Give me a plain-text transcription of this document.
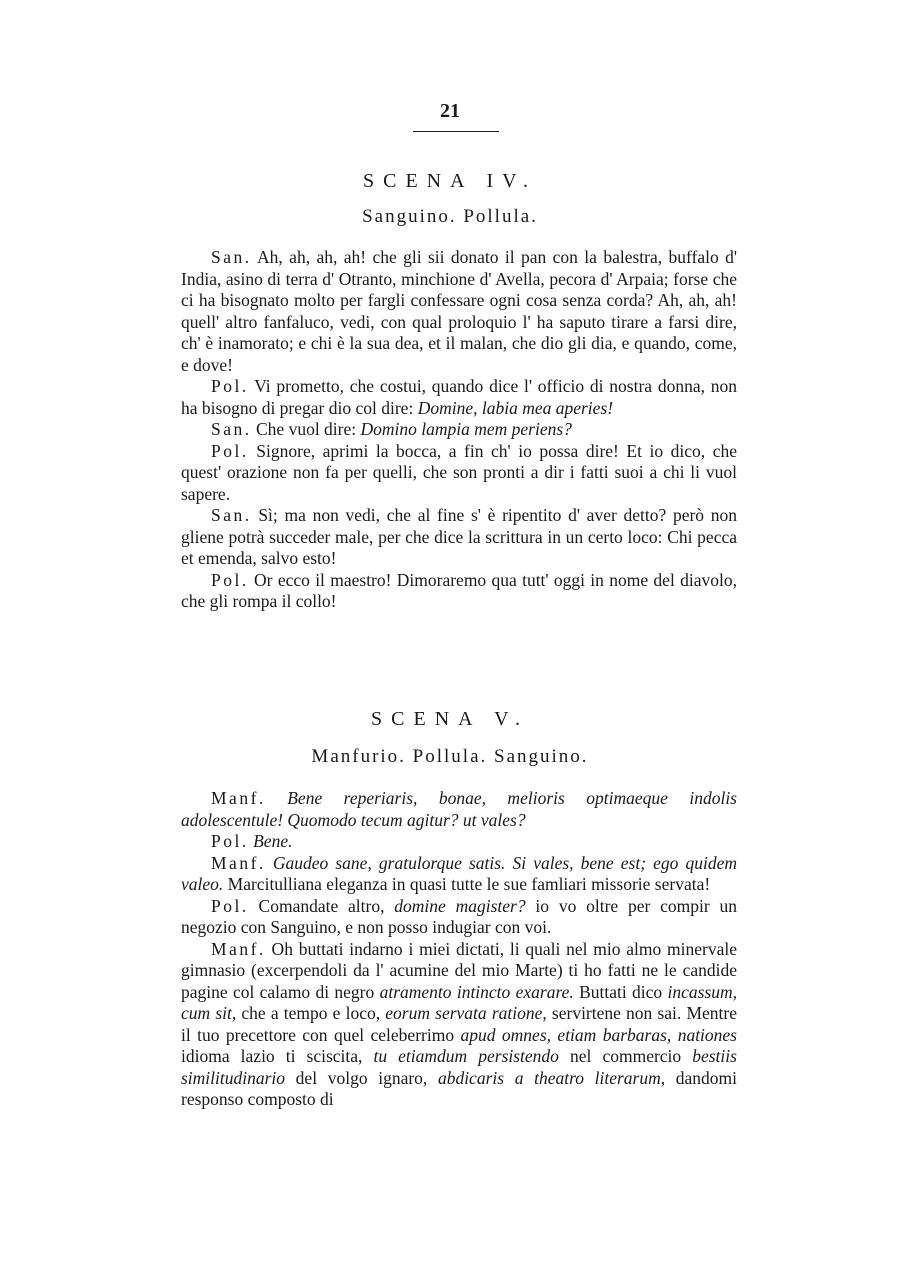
21
SCENA IV.
Sanguino. Pollula.

San. Ah, ah, ah, ah! che gli sii donato il pan con la balestra, buffalo d' India, asino di terra d' Otranto, minchione d' Avella, pecora d' Arpaia; forse che ci ha bisognato molto per fargli confessare ogni cosa senza corda? Ah, ah, ah! quell' altro fanfaluco, vedi, con qual proloquio l' ha saputo tirare a farsi dire, ch' è inamorato; e chi è la sua dea, et il malan, che dio gli dia, e quando, come, e dove!

Pol. Vi prometto, che costui, quando dice l' officio di nostra donna, non ha bisogno di pregar dio col dire: Domine, labia mea aperies!

San. Che vuol dire: Domino lampia mem periens?

Pol. Signore, aprimi la bocca, a fin ch' io possa dire! Et io dico, che quest' orazione non fa per quelli, che son pronti a dir i fatti suoi a chi li vuol sapere.

San. Sì; ma non vedi, che al fine s' è ripentito d' aver detto? però non gliene potrà succeder male, per che dice la scrittura in un certo loco: Chi pecca et emenda, salvo esto!

Pol. Or ecco il maestro! Dimoraremo qua tutt' oggi in nome del diavolo, che gli rompa il collo!

SCENA V.
Manfurio. Pollula. Sanguino.

Manf. Bene reperiaris, bonae, melioris optimaeque indolis adolescentule! Quomodo tecum agitur? ut vales?

Pol. Bene.

Manf. Gaudeo sane, gratulorque satis. Si vales, bene est; ego quidem valeo. Marcitulliana eleganza in quasi tutte le sue famliari missorie servata!

Pol. Comandate altro, domine magister? io vo oltre per compir un negozio con Sanguino, e non posso indugiar con voi.

Manf. Oh buttati indarno i miei dictati, li quali nel mio almo minervale gimnasio (excerpendoli da l' acumine del mio Marte) ti ho fatti ne le candide pagine col calamo di negro atramento intincto exarare. Buttati dico incassum, cum sit, che a tempo e loco, eorum servata ratione, servirtene non sai. Mentre il tuo precettore con quel celeberrimo apud omnes, etiam barbaras, nationes idioma lazio ti sciscita, tu etiamdum persistendo nel commercio bestiis similitudinario del volgo ignaro, abdicaris a theatro literarum, dandomi responso composto di
